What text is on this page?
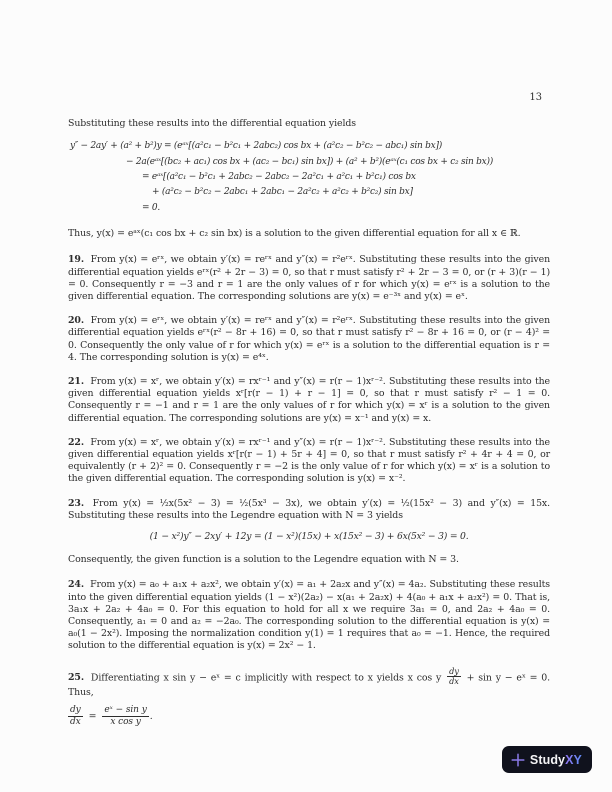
13

Substituting these results into the differential equation yields

y″ − 2ay′ + (a² + b²)y = (eᵃˣ[(a²c₁ − b²c₁ + 2abc₂) cos bx + (a²c₂ − b²c₂ − abc₁) sin bx])
− 2a(eᵃˣ[(bc₂ + ac₁) cos bx + (ac₂ − bc₁) sin bx]) + (a² + b²)(eᵃˣ(c₁ cos bx + c₂ sin bx))
= eᵃˣ[(a²c₁ − b²c₁ + 2abc₂ − 2abc₂ − 2a²c₁ + a²c₁ + b²c₁) cos bx
+ (a²c₂ − b²c₂ − 2abc₁ + 2abc₁ − 2a²c₂ + a²c₂ + b²c₂) sin bx]
= 0.

Thus, y(x) = eᵃˣ(c₁ cos bx + c₂ sin bx) is a solution to the given differential equation for all x ∈ ℝ.

19. From y(x) = eʳˣ, we obtain y′(x) = reʳˣ and y″(x) = r²eʳˣ. Substituting these results into the given differential equation yields eʳˣ(r² + 2r − 3) = 0, so that r must satisfy r² + 2r − 3 = 0, or (r + 3)(r − 1) = 0. Consequently r = −3 and r = 1 are the only values of r for which y(x) = eʳˣ is a solution to the given differential equation. The corresponding solutions are y(x) = e⁻³ˣ and y(x) = eˣ.

20. From y(x) = eʳˣ, we obtain y′(x) = reʳˣ and y″(x) = r²eʳˣ. Substituting these results into the given differential equation yields eʳˣ(r² − 8r + 16) = 0, so that r must satisfy r² − 8r + 16 = 0, or (r − 4)² = 0. Consequently the only value of r for which y(x) = eʳˣ is a solution to the differential equation is r = 4. The corresponding solution is y(x) = e⁴ˣ.

21. From y(x) = xʳ, we obtain y′(x) = rxʳ⁻¹ and y″(x) = r(r − 1)xʳ⁻². Substituting these results into the given differential equation yields xʳ[r(r − 1) + r − 1] = 0, so that r must satisfy r² − 1 = 0. Consequently r = −1 and r = 1 are the only values of r for which y(x) = xʳ is a solution to the given differential equation. The corresponding solutions are y(x) = x⁻¹ and y(x) = x.

22. From y(x) = xʳ, we obtain y′(x) = rxʳ⁻¹ and y″(x) = r(r − 1)xʳ⁻². Substituting these results into the given differential equation yields xʳ[r(r − 1) + 5r + 4] = 0, so that r must satisfy r² + 4r + 4 = 0, or equivalently (r + 2)² = 0. Consequently r = −2 is the only value of r for which y(x) = xʳ is a solution to the given differential equation. The corresponding solution is y(x) = x⁻².

23. From y(x) = ½x(5x² − 3) = ½(5x³ − 3x), we obtain y′(x) = ½(15x² − 3) and y″(x) = 15x. Substituting these results into the Legendre equation with N = 3 yields

(1 − x²)y″ − 2xy′ + 12y = (1 − x²)(15x) + x(15x² − 3) + 6x(5x² − 3) = 0.

Consequently, the given function is a solution to the Legendre equation with N = 3.

24. From y(x) = a₀ + a₁x + a₂x², we obtain y′(x) = a₁ + 2a₂x and y″(x) = 4a₂. Substituting these results into the given differential equation yields (1 − x²)(2a₂) − x(a₁ + 2a₂x) + 4(a₀ + a₁x + a₂x²) = 0. That is, 3a₁x + 2a₂ + 4a₀ = 0. For this equation to hold for all x we require 3a₁ = 0, and 2a₂ + 4a₀ = 0. Consequently, a₁ = 0 and a₂ = −2a₀. The corresponding solution to the differential equation is y(x) = a₀(1 − 2x²). Imposing the normalization condition y(1) = 1 requires that a₀ = −1. Hence, the required solution to the differential equation is y(x) = 2x² − 1.

25. Differentiating x sin y − eˣ = c implicitly with respect to x yields x cos y $\frac{dy}{dx} + \sin y$ − eˣ = 0. Thus,

$\frac{dy}{dx} = \frac{\text{eˣ − sin y}}{\text{x cos y}}$ .

StudyXY
